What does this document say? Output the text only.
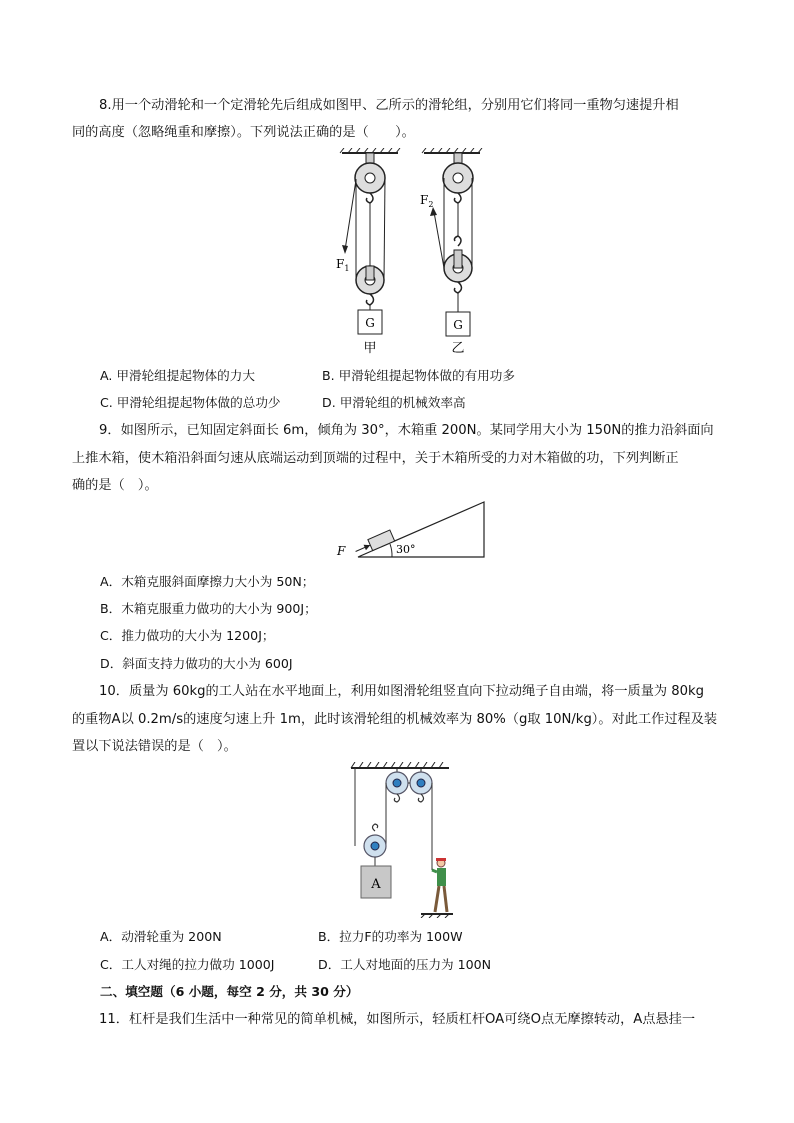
8.用一个动滑轮和一个定滑轮先后组成如图甲、乙所示的滑轮组，分别用它们将同一重物匀速提升相
同的高度（忽略绳重和摩擦）。下列说法正确的是（　　）。
$F_1$
G
甲
$F_2$
G
乙
A. 甲滑轮组提起物体的力大	B. 甲滑轮组提起物体做的有用功多
C. 甲滑轮组提起物体做的总功少	D. 甲滑轮组的机械效率高
9．如图所示，已知固定斜面长 6m，倾角为 30°，木箱重 200N。某同学用大小为 150N的推力沿斜面向
上推木箱，使木箱沿斜面匀速从底端运动到顶端的过程中，关于木箱所受的力对木箱做的功，下列判断正
确的是（　）。
30°
F
A．木箱克服斜面摩擦力大小为 50N；
B．木箱克服重力做功的大小为 900J；
C．推力做功的大小为 1200J；
D．斜面支持力做功的大小为 600J
10．质量为 60kg的工人站在水平地面上，利用如图滑轮组竖直向下拉动绳子自由端，将一质量为 80kg
的重物A以 0.2m/s的速度匀速上升 1m，此时该滑轮组的机械效率为 80%（g取 10N/kg）。对此工作过程及装
置以下说法错误的是（　）。
A
A．动滑轮重为 200N	B．拉力F的功率为 100W
C．工人对绳的拉力做功 1000J	D．工人对地面的压力为 100N
二、填空题（6 小题，每空 2 分，共 30 分）
11．杠杆是我们生活中一种常见的简单机械，如图所示，轻质杠杆OA可绕O点无摩擦转动，A点悬挂一
